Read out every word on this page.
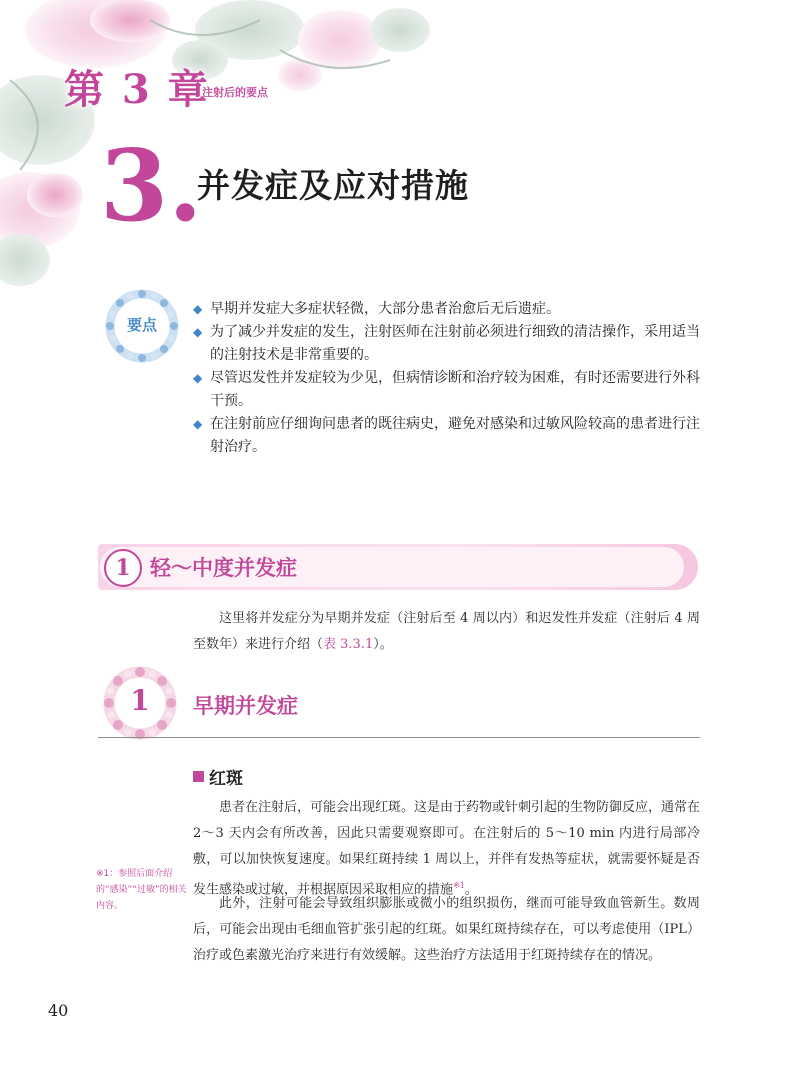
第 3 章
注射后的要点
3.
并发症及应对措施
要点
◆ 早期并发症大多症状轻微，大部分患者治愈后无后遗症。
◆ 为了减少并发症的发生，注射医师在注射前必须进行细致的清洁操作，采用适当的注射技术是非常重要的。
◆ 尽管迟发性并发症较为少见，但病情诊断和治疗较为困难，有时还需要进行外科干预。
◆ 在注射前应仔细询问患者的既往病史，避免对感染和过敏风险较高的患者进行注射治疗。
1 轻～中度并发症
这里将并发症分为早期并发症（注射后至 4 周以内）和迟发性并发症（注射后 4 周至数年）来进行介绍（表 3.3.1）。
1	早期并发症
红斑
患者在注射后，可能会出现红斑。这是由于药物或针刺引起的生物防御反应，通常在 2～3 天内会有所改善，因此只需要观察即可。在注射后的 5～10 min 内进行局部冷敷，可以加快恢复速度。如果红斑持续 1 周以上，并伴有发热等症状，就需要怀疑是否发生感染或过敏，并根据原因采取相应的措施$^{※1}$。
此外，注射可能会导致组织膨胀或微小的组织损伤，继而可能导致血管新生。数周后，可能会出现由毛细血管扩张引起的红斑。如果红斑持续存在，可以考虑使用（IPL）治疗或色素激光治疗来进行有效缓解。这些治疗方法适用于红斑持续存在的情况。
※1：参照后面介绍的“感染”“过敏”的相关内容。
40
